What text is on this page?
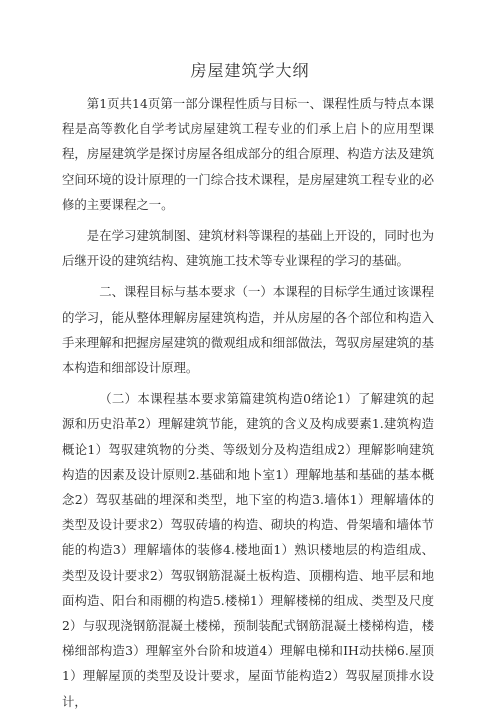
房屋建筑学大纲

第1页共14页第一部分课程性质与目标一、课程性质与特点本课程是高等教化自学考试房屋建筑工程专业的们承上启卜的应用型课程，房屋建筑学是探讨房屋各组成部分的组合原理、构造方法及建筑空间环境的设计原理的一门综合技术课程，是房屋建筑工程专业的必修的主要课程之一。

是在学习建筑制图、建筑材料等课程的基础上开设的，同时也为后继开设的建筑结构、建筑施工技术等专业课程的学习的基础。

二、课程目标与基本要求（一）本课程的目标学生通过该课程的学习，能从整体理解房屋建筑构造，并从房屋的各个部位和构造入手来理解和把握房屋建筑的微观组成和细部做法，驾驭房屋建筑的基本构造和细部设计原理。

（二）本课程基本要求第篇建筑构造0绪论1）了解建筑的起源和历史沿革2）理解建筑节能，建筑的含义及构成要素1.建筑构造概论1）驾驭建筑物的分类、等级划分及构造组成2）理解影响建筑构造的因素及设计原则2.基础和地卜室1）理解地基和基础的基本概念2）驾驭基础的埋深和类型，地下室的构造3.墙体1）理解墙体的类型及设计要求2）驾驭砖墙的构造、砌块的构造、骨架墙和墙体节能的构造3）理解墙体的装修4.楼地面1）熟识楼地层的构造组成、类型及设计要求2）驾驭钢筋混凝土板构造、顶棚构造、地平层和地面构造、阳台和雨棚的构造5.楼梯1）理解楼梯的组成、类型及尺度2）与驭现浇钢筋混凝土楼梯，预制装配式钢筋混凝土楼梯构造，楼梯细部构造3）理解室外台阶和坡道4）理解电梯和IH动扶梯6.屋顶1）理解屋顶的类型及设计要求，屋面节能构造2）驾驭屋顶排水设计，
